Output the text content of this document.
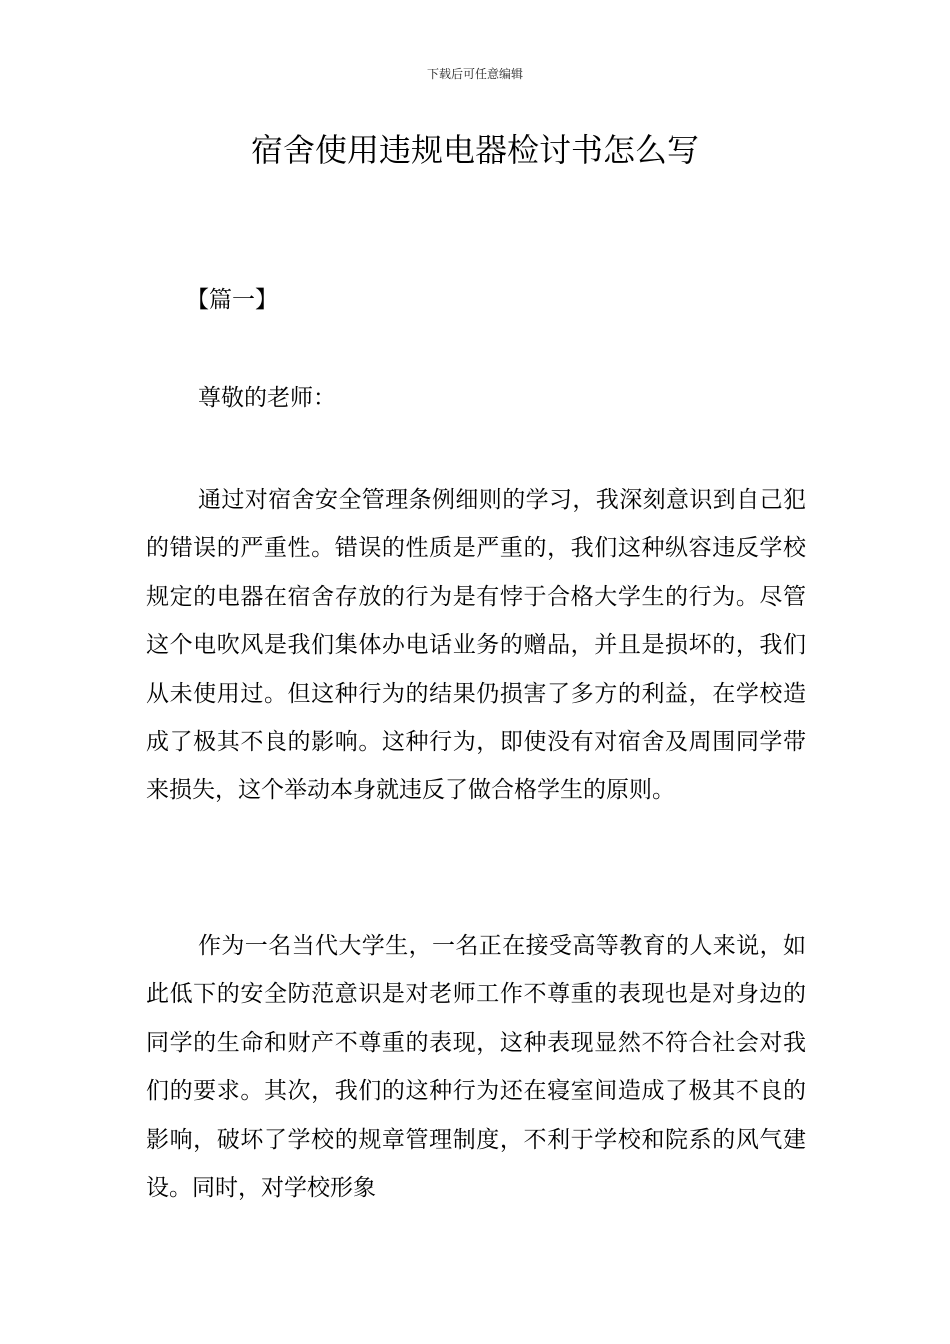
下载后可任意编辑
宿舍使用违规电器检讨书怎么写
【篇一】
尊敬的老师：

通过对宿舍安全管理条例细则的学习，我深刻意识到自己犯的错误的严重性。错误的性质是严重的，我们这种纵容违反学校规定的电器在宿舍存放的行为是有悖于合格大学生的行为。尽管这个电吹风是我们集体办电话业务的赠品，并且是损坏的，我们从未使用过。但这种行为的结果仍损害了多方的利益，在学校造成了极其不良的影响。这种行为，即使没有对宿舍及周围同学带来损失，这个举动本身就违反了做合格学生的原则。

作为一名当代大学生，一名正在接受高等教育的人来说，如此低下的安全防范意识是对老师工作不尊重的表现也是对身边的同学的生命和财产不尊重的表现，这种表现显然不符合社会对我们的要求。其次，我们的这种行为还在寝室间造成了极其不良的影响，破坏了学校的规章管理制度，不利于学校和院系的风气建设。同时，对学校形象
